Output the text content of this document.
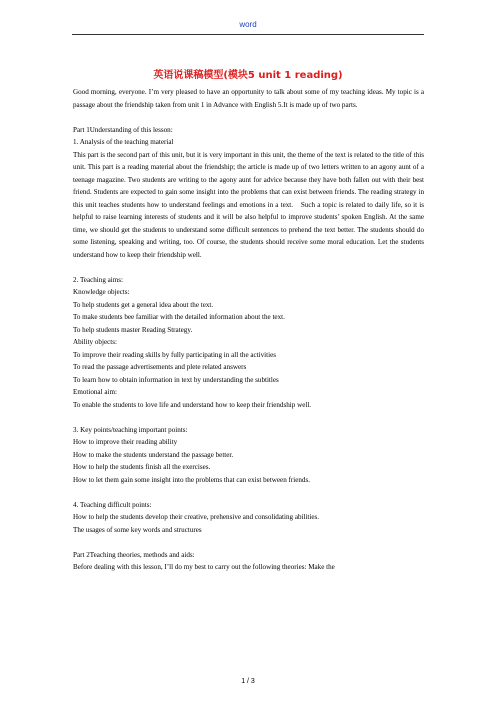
word
英语说课稿模型(模块5 unit 1 reading)

Good morning, everyone. I’m very pleased to have an opportunity to talk about some of my teaching ideas. My topic is a passage about the friendship taken from unit 1 in Advance with English 5.It is made up of two parts.

Part 1Understanding of this lesson:

1. Analysis of the teaching material

This part is the second part of this unit, but it is very important in this unit, the theme of the text is related to the title of this unit. This part is a reading material about the friendship; the article is made up of two letters written to an agony aunt of a teenage magazine. Two students are writing to the agony aunt for advice because they have both fallen out with their best friend. Students are expected to gain some insight into the problems that can exist between friends. The reading strategy in this unit teaches students how to understand feelings and emotions in a text.　Such a topic is related to daily life, so it is helpful to raise learning interests of students and it will be also helpful to improve students’ spoken English. At the same time, we should get the students to understand some difficult sentences to prehend the text better. The students should do some listening, speaking and writing, too. Of course, the students should receive some moral education. Let the students understand how to keep their friendship well.

2. Teaching aims:

Knowledge objects:

To help students get a general idea about the text.

To make students bee familiar with the detailed information about the text.

To help students master Reading Strategy.

Ability objects:

To improve their reading skills by fully participating in all the activities

To read the passage advertisements and plete related answers

To learn how to obtain information in text by understanding the subtitles

Emotional aim:

To enable the students to love life and understand how to keep their friendship well.

3. Key points/teaching important points:

How to improve their reading ability

How to make the students understand the passage better.

How to help the students finish all the exercises.

How to let them gain some insight into the problems that can exist between friends.

4. Teaching difficult points:

How to help the students develop their creative, prehensive and consolidating abilities.

The usages of some key words and structures

Part 2Teaching theories, methods and aids:

Before dealing with this lesson, I’ll do my best to carry out the following theories: Make the

1 / 3
